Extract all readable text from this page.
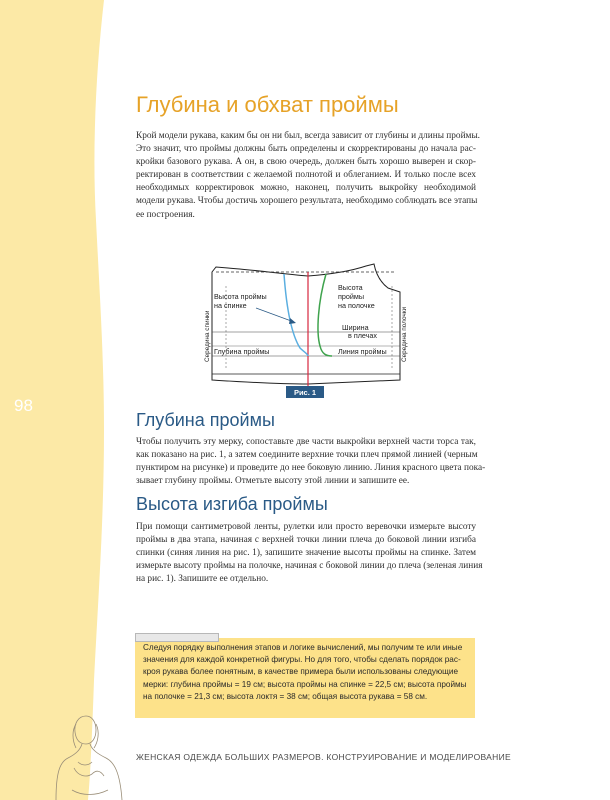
98
Глубина и обхват проймы
Крой модели рукава, каким бы он ни был, всегда зависит от глубины и длины проймы.
Это значит, что проймы должны быть определены и скорректированы до начала рас-
кройки базового рукава. А он, в свою очередь, должен быть хорошо выверен и скор-
ректирован в соответствии с желаемой полнотой и облеганием. И только после всех
необходимых корректировок можно, наконец, получить выкройку необходимой
модели рукава. Чтобы достичь хорошего результата, необходимо соблюдать все этапы
ее построения.
Высота проймы на спинке
Высота проймы на полочке
Ширина в плечах
Глубина проймы	Линия проймы
Середина спинки	Середина полочки
Рис. 1
Глубина проймы
Чтобы получить эту мерку, сопоставьте две части выкройки верхней части торса так,
как показано на рис. 1, а затем соедините верхние точки плеч прямой линией (черным
пунктиром на рисунке) и проведите до нее боковую линию. Линия красного цвета пока-
зывает глубину проймы. Отметьте высоту этой линии и запишите ее.
Высота изгиба проймы
При помощи сантиметровой ленты, рулетки или просто веревочки измерьте высоту
проймы в два этапа, начиная с верхней точки линии плеча до боковой линии изгиба
спинки (синяя линия на рис. 1), запишите значение высоты проймы на спинке. Затем
измерьте высоту проймы на полочке, начиная с боковой линии до плеча (зеленая линия
на рис. 1). Запишите ее отдельно.
Следуя порядку выполнения этапов и логике вычислений, мы получим те или иные
значения для каждой конкретной фигуры. Но для того, чтобы сделать порядок рас-
кроя рукава более понятным, в качестве примера были использованы следующие
мерки: глубина проймы = 19 см; высота проймы на спинке = 22,5 см; высота проймы
на полочке = 21,3 см; высота локтя = 38 см; общая высота рукава = 58 см.
ЖЕНСКАЯ ОДЕЖДА БОЛЬШИХ РАЗМЕРОВ. КОНСТРУИРОВАНИЕ И МОДЕЛИРОВАНИЕ
